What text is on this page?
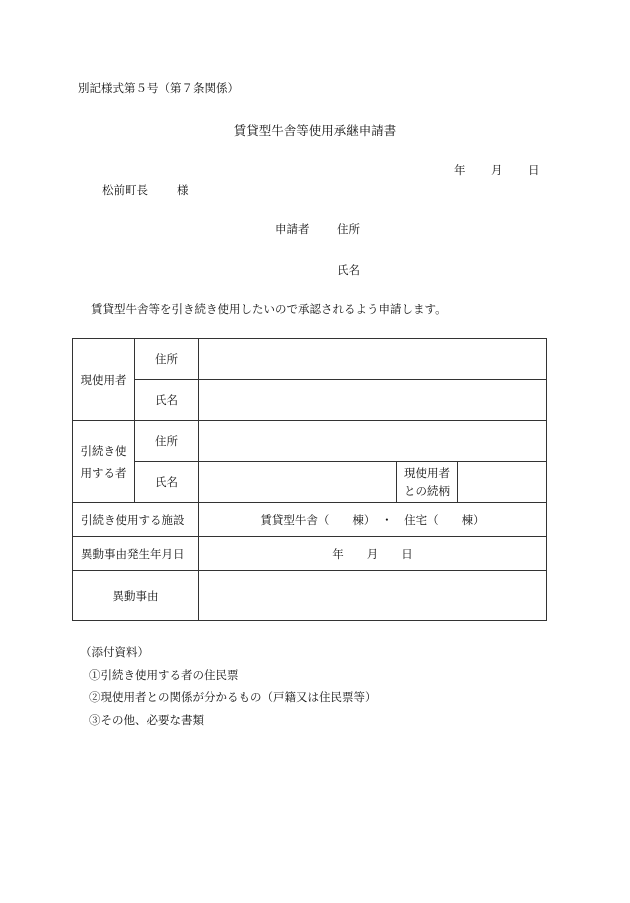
別記様式第５号（第７条関係）
賃貸型牛舎等使用承継申請書
年 月 日
松前町長	様
申請者 住所
氏名
賃貸型牛舎等を引き続き使用したいので承認されるよう申請します。
現使用者	住所			
	氏名			

引続き使
用する者	住所			
	氏名		現使用者
との続柄	

引続き使用する施設		賃貸型牛舎（　　棟）　・　住宅（　　棟）		
異動事由発生年月日		年　　月　　日		
異動事由				
（添付資料）
①引続き使用する者の住民票
②現使用者との関係が分かるもの（戸籍又は住民票等）
③その他、必要な書類
